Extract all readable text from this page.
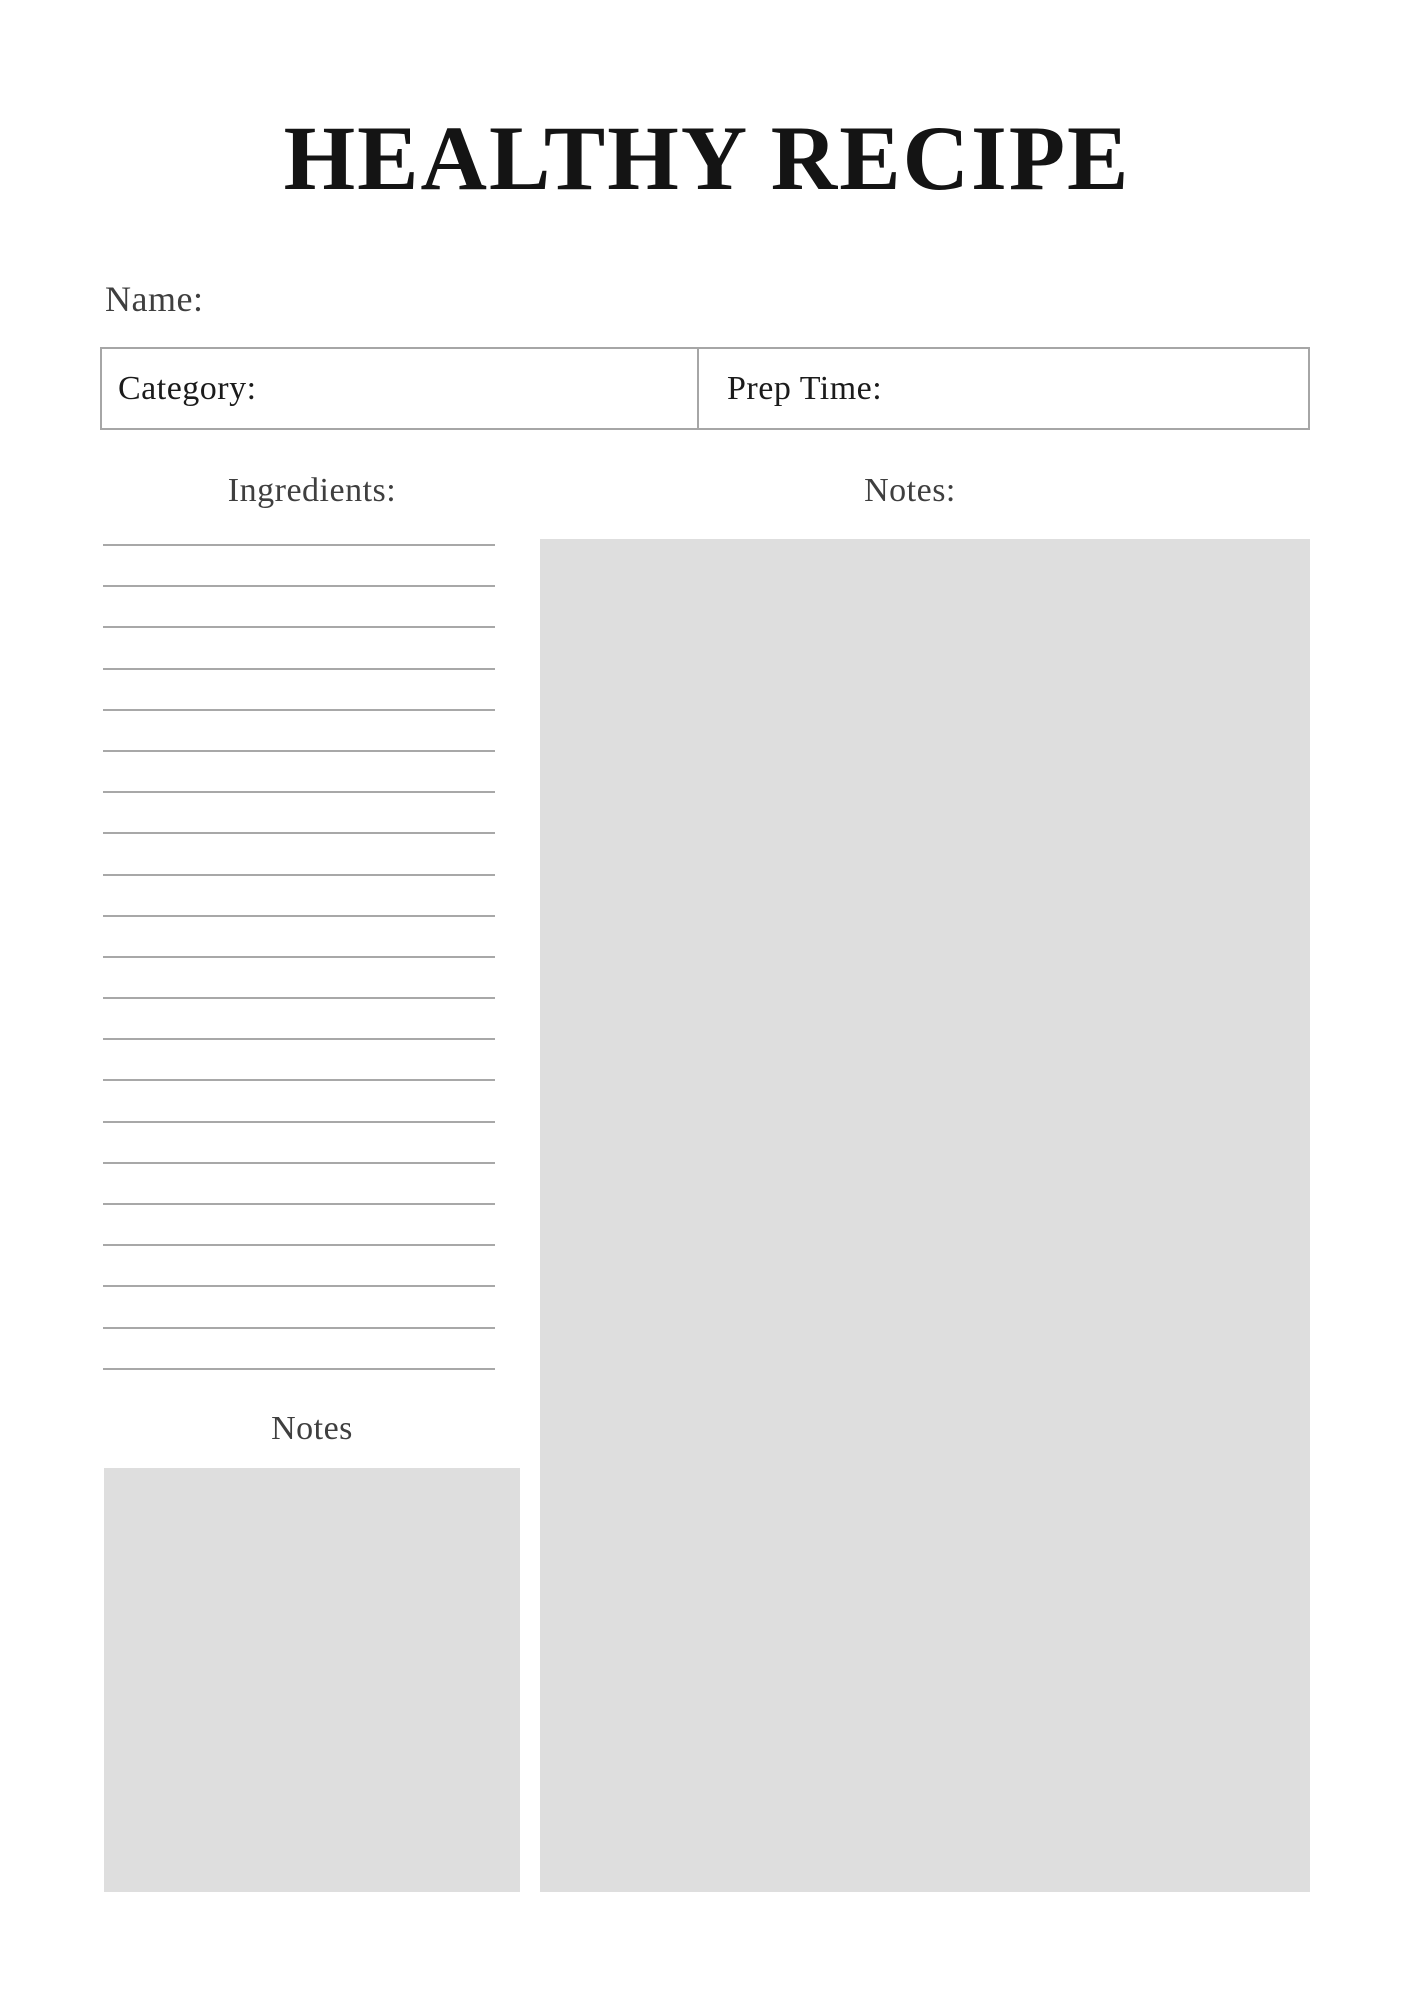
HEALTHY RECIPE
Name:
Category:	Prep Time:
Ingredients:	Notes:
Notes
